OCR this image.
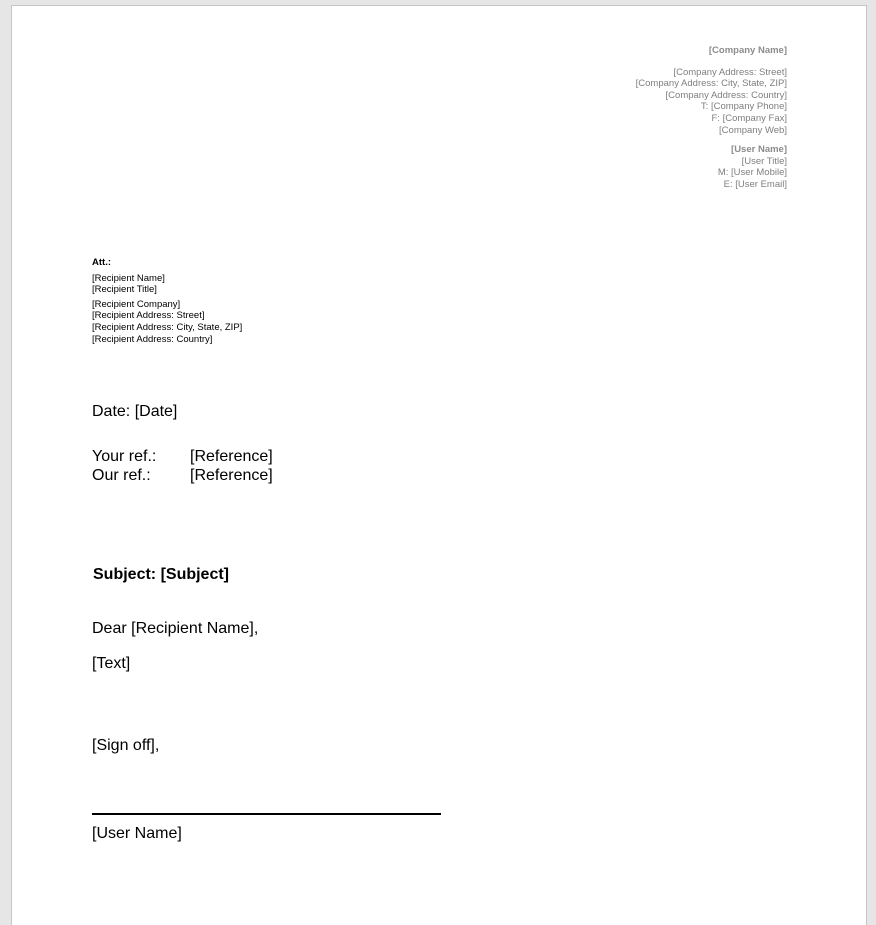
[Company Name]
[Company Address: Street]
[Company Address: City, State, ZIP]
[Company Address: Country]
T: [Company Phone]
F: [Company Fax]
[Company Web]
[User Name]
[User Title]
M: [User Mobile]
E: [User Email]
Att.:
[Recipient Name]
[Recipient Title]
[Recipient Company]
[Recipient Address: Street]
[Recipient Address: City, State, ZIP]
[Recipient Address: Country]
Date: [Date]
Your ref.:	[Reference]
Our ref.:	[Reference]
Subject: [Subject]
Dear [Recipient Name],
[Text]
[Sign off],
[User Name]
